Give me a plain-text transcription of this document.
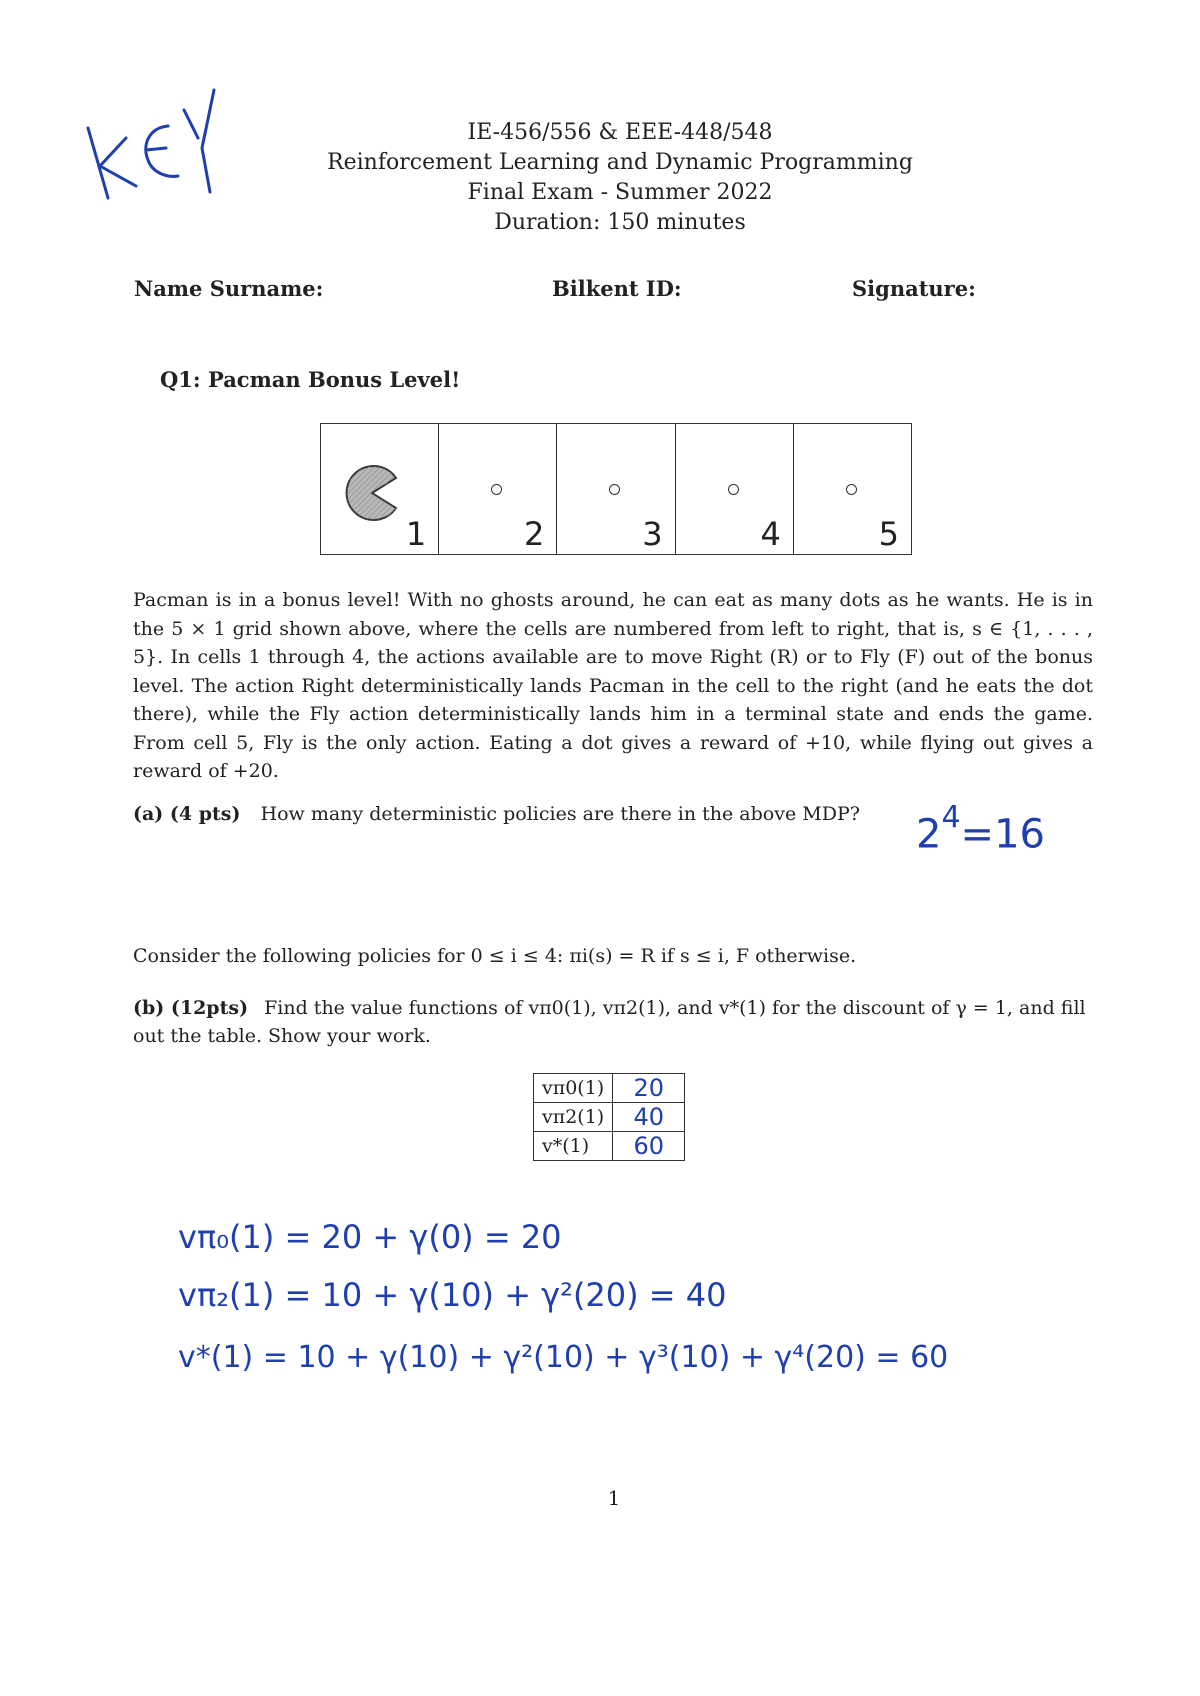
IE-456/556 & EEE-448/548
Reinforcement Learning and Dynamic Programming
Final Exam - Summer 2022
Duration: 150 minutes
Name Surname:	Bilkent ID:	Signature:
Q1: Pacman Bonus Level!
1	2	3	4	5
Pacman is in a bonus level! With no ghosts around, he can eat as many dots as he wants. He is in the 5 × 1 grid shown above, where the cells are numbered from left to right, that is, s ∈ {1, . . . , 5}. In cells 1 through 4, the actions available are to move Right (R) or to Fly (F) out of the bonus level. The action Right deterministically lands Pacman in the cell to the right (and he eats the dot there), while the Fly action deterministically lands him in a terminal state and ends the game. From cell 5, Fly is the only action. Eating a dot gives a reward of +10, while flying out gives a reward of +20.
(a) (4 pts) How many deterministic policies are there in the above MDP? $2^4=16$
Consider the following policies for 0 ≤ i ≤ 4: πi(s) = R if s ≤ i, F otherwise.
(b) (12pts) Find the value functions of vπ0(1), vπ2(1), and v*(1) for the discount of γ = 1, and fill out the table. Show your work.
vπ0(1)	20
vπ2(1)	40
v*(1)	60
vπ₀(1) = 20 + γ(0) = 20
vπ₂(1) = 10 + γ(10) + γ²(20) = 40
v*(1) = 10 + γ(10) + γ²(10) + γ³(10) + γ⁴(20) = 60
1
